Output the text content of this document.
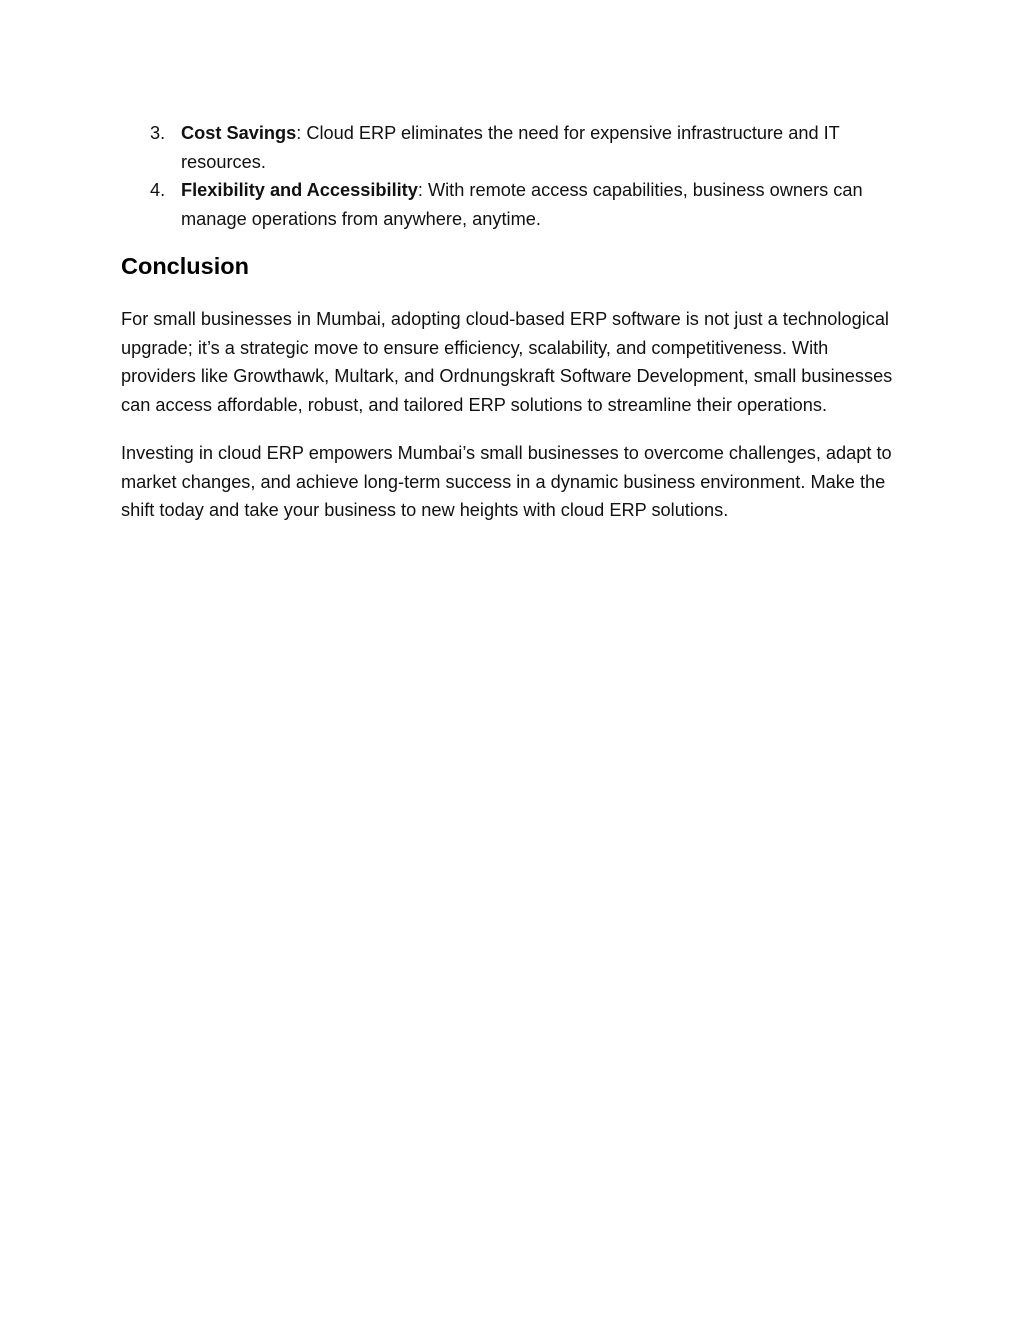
3. Cost Savings: Cloud ERP eliminates the need for expensive infrastructure and IT resources.
4. Flexibility and Accessibility: With remote access capabilities, business owners can manage operations from anywhere, anytime.
Conclusion

For small businesses in Mumbai, adopting cloud-based ERP software is not just a technological upgrade; it’s a strategic move to ensure efficiency, scalability, and competitiveness. With providers like Growthawk, Multark, and Ordnungskraft Software Development, small businesses can access affordable, robust, and tailored ERP solutions to streamline their operations.

Investing in cloud ERP empowers Mumbai’s small businesses to overcome challenges, adapt to market changes, and achieve long-term success in a dynamic business environment. Make the shift today and take your business to new heights with cloud ERP solutions.
